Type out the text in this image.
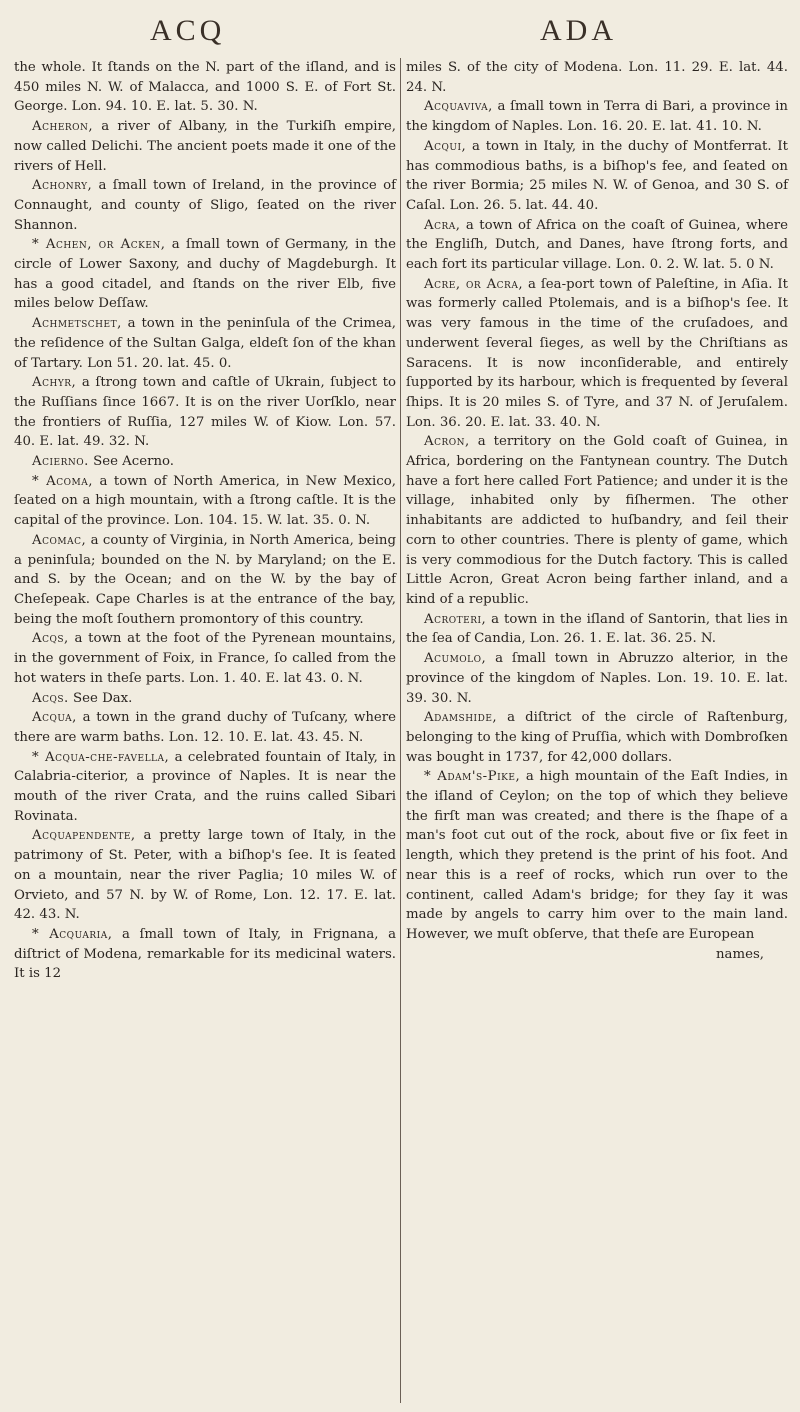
ACQ	ADA

the whole. It ſtands on the N. part of the iſland, and is 450 miles N. W. of Malacca, and 1000 S. E. of Fort St. George. Lon. 94. 10. E. lat. 5. 30. N.

Acheron, a river of Albany, in the Turkiſh empire, now called Delichi. The ancient poets made it one of the rivers of Hell.

Achonry, a ſmall town of Ireland, in the province of Connaught, and county of Sligo, ſeated on the river Shannon.

* Achen, or Acken, a ſmall town of Germany, in the circle of Lower Saxony, and duchy of Magdeburgh. It has a good citadel, and ſtands on the river Elb, five miles below Deſſaw.

Achmetschet, a town in the peninſula of the Crimea, the reſidence of the Sultan Galga, eldeſt ſon of the khan of Tartary. Lon 51. 20. lat. 45. 0.

Achyr, a ſtrong town and caſtle of Ukrain, ſubject to the Ruſſians ſince 1667. It is on the river Uorſklo, near the frontiers of Ruſſia, 127 miles W. of Kiow. Lon. 57. 40. E. lat. 49. 32. N.

Acierno. See Acerno.

* Acoma, a town of North America, in New Mexico, ſeated on a high mountain, with a ſtrong caſtle. It is the capital of the province. Lon. 104. 15. W. lat. 35. 0. N.

Acomac, a county of Virginia, in North America, being a peninſula; bounded on the N. by Maryland; on the E. and S. by the Ocean; and on the W. by the bay of Cheſepeak. Cape Charles is at the entrance of the bay, being the moſt ſouthern promontory of this country.

Acqs, a town at the foot of the Pyrenean mountains, in the government of Foix, in France, ſo called from the hot waters in theſe parts. Lon. 1. 40. E. lat 43. 0. N.

Acqs. See Dax.

Acqua, a town in the grand duchy of Tuſcany, where there are warm baths. Lon. 12. 10. E. lat. 43. 45. N.

* Acqua-che-favella, a celebrated fountain of Italy, in Calabria-citerior, a province of Naples. It is near the mouth of the river Crata, and the ruins called Sibari Rovinata.

Acquapendente, a pretty large town of Italy, in the patrimony of St. Peter, with a biſhop's ſee. It is ſeated on a mountain, near the river Paglia; 10 miles W. of Orvieto, and 57 N. by W. of Rome, Lon. 12. 17. E. lat. 42. 43. N.

* Acquaria, a ſmall town of Italy, in Frignana, a diſtrict of Modena, remarkable for its medicinal waters. It is 12

miles S. of the city of Modena. Lon. 11. 29. E. lat. 44. 24. N.

Acquaviva, a ſmall town in Terra di Bari, a province in the kingdom of Naples. Lon. 16. 20. E. lat. 41. 10. N.

Acqui, a town in Italy, in the duchy of Montferrat. It has commodious baths, is a biſhop's fee, and ſeated on the river Bormia; 25 miles N. W. of Genoa, and 30 S. of Caſal. Lon. 26. 5. lat. 44. 40.

Acra, a town of Africa on the coaſt of Guinea, where the Engliſh, Dutch, and Danes, have ſtrong forts, and each fort its particular village. Lon. 0. 2. W. lat. 5. 0 N.

Acre, or Acra, a ſea-port town of Paleſtine, in Aſia. It was formerly called Ptolemais, and is a biſhop's ſee. It was very famous in the time of the cruſadoes, and underwent ſeveral ſieges, as well by the Chriſtians as Saracens. It is now inconſiderable, and entirely ſupported by its harbour, which is frequented by ſeveral ſhips. It is 20 miles S. of Tyre, and 37 N. of Jeruſalem. Lon. 36. 20. E. lat. 33. 40. N.

Acron, a territory on the Gold coaſt of Guinea, in Africa, bordering on the Fantynean country. The Dutch have a fort here called Fort Patience; and under it is the village, inhabited only by fiſhermen. The other inhabitants are addicted to huſbandry, and ſeil their corn to other countries. There is plenty of game, which is very commodious for the Dutch factory. This is called Little Acron, Great Acron being farther inland, and a kind of a republic.

Acroteri, a town in the iſland of Santorin, that lies in the ſea of Candia, Lon. 26. 1. E. lat. 36. 25. N.

Acumolo, a ſmall town in Abruzzo alterior, in the province of the kingdom of Naples. Lon. 19. 10. E. lat. 39. 30. N.

Adamshide, a diſtrict of the circle of Raſtenburg, belonging to the king of Pruſſia, which with Dombroſken was bought in 1737, for 42,000 dollars.

* Adam's-Pike, a high mountain of the Eaſt Indies, in the iſland of Ceylon; on the top of which they believe the firſt man was created; and there is the ſhape of a man's foot cut out of the rock, about five or ſix feet in length, which they pretend is the print of his foot. And near this is a reef of rocks, which run over to the continent, called Adam's bridge; for they ſay it was made by angels to carry him over to the main land. However, we muſt obſerve, that theſe are European

names,
